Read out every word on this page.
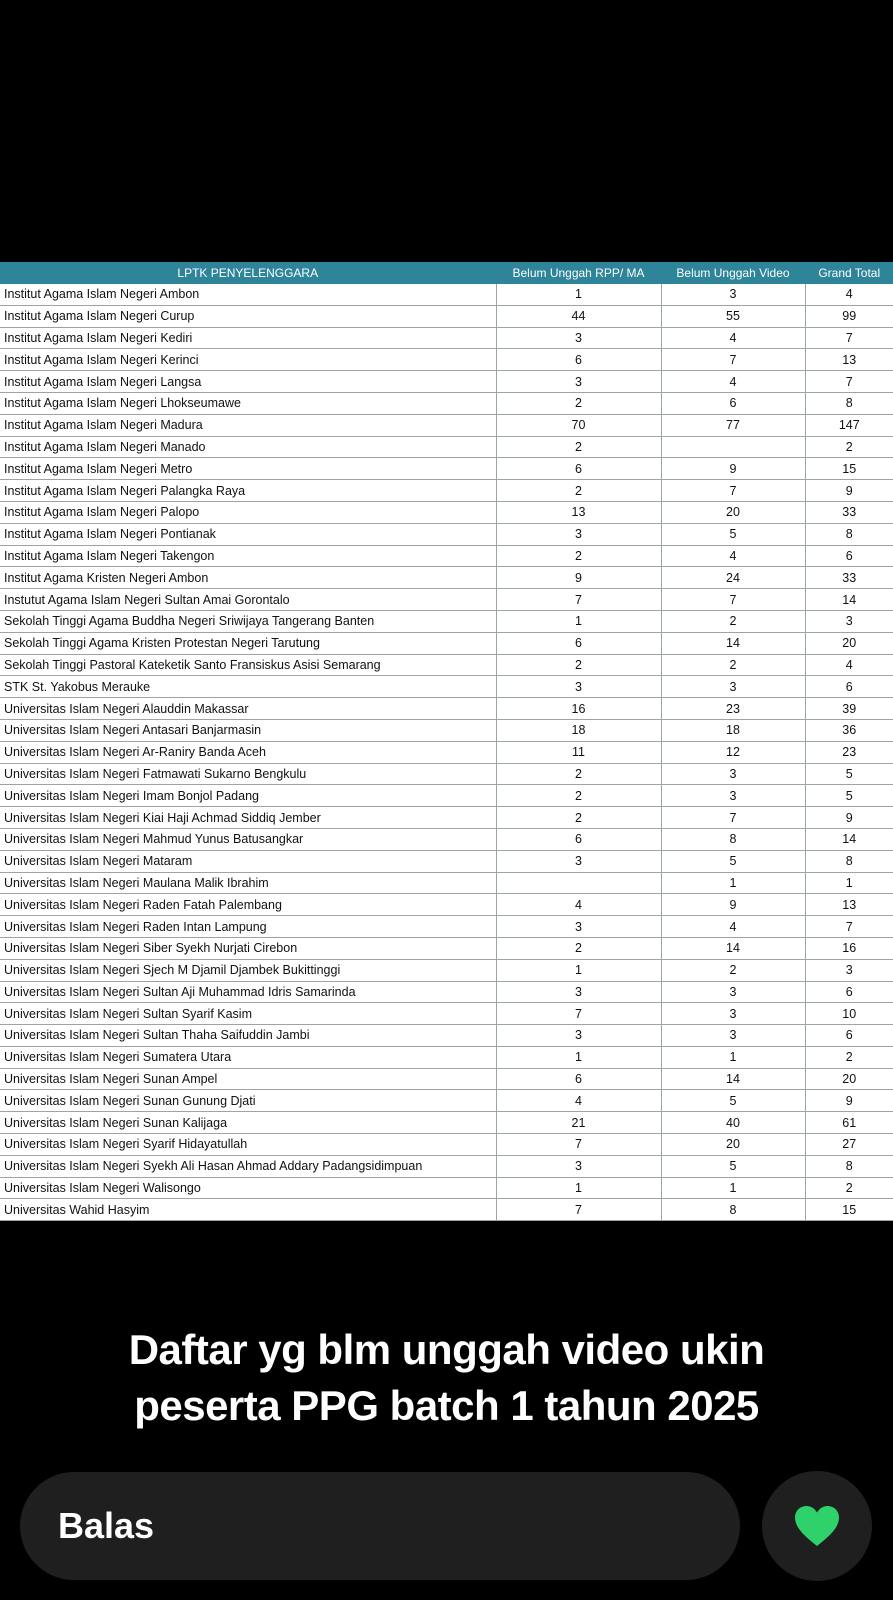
LPTK PENYELENGGARA	Belum Unggah RPP/ MA	Belum Unggah Video	Grand Total
Institut Agama Islam Negeri Ambon	1	3	4
Institut Agama Islam Negeri Curup	44	55	99
Institut Agama Islam Negeri Kediri	3	4	7
Institut Agama Islam Negeri Kerinci	6	7	13
Institut Agama Islam Negeri Langsa	3	4	7
Institut Agama Islam Negeri Lhokseumawe	2	6	8
Institut Agama Islam Negeri Madura	70	77	147
Institut Agama Islam Negeri Manado	2		2
Institut Agama Islam Negeri Metro	6	9	15
Institut Agama Islam Negeri Palangka Raya	2	7	9
Institut Agama Islam Negeri Palopo	13	20	33
Institut Agama Islam Negeri Pontianak	3	5	8
Institut Agama Islam Negeri Takengon	2	4	6
Institut Agama Kristen Negeri Ambon	9	24	33
Instutut Agama Islam Negeri Sultan Amai Gorontalo	7	7	14
Sekolah Tinggi Agama Buddha Negeri Sriwijaya Tangerang Banten	1	2	3
Sekolah Tinggi Agama Kristen Protestan Negeri Tarutung	6	14	20
Sekolah Tinggi Pastoral Kateketik Santo Fransiskus Asisi Semarang	2	2	4
STK St. Yakobus Merauke	3	3	6
Universitas Islam Negeri Alauddin Makassar	16	23	39
Universitas Islam Negeri Antasari Banjarmasin	18	18	36
Universitas Islam Negeri Ar-Raniry Banda Aceh	11	12	23
Universitas Islam Negeri Fatmawati Sukarno Bengkulu	2	3	5
Universitas Islam Negeri Imam Bonjol Padang	2	3	5
Universitas Islam Negeri Kiai Haji Achmad Siddiq Jember	2	7	9
Universitas Islam Negeri Mahmud Yunus Batusangkar	6	8	14
Universitas Islam Negeri Mataram	3	5	8
Universitas Islam Negeri Maulana Malik Ibrahim		1	1
Universitas Islam Negeri Raden Fatah Palembang	4	9	13
Universitas Islam Negeri Raden Intan Lampung	3	4	7
Universitas Islam Negeri Siber Syekh Nurjati Cirebon	2	14	16
Universitas Islam Negeri Sjech M Djamil Djambek Bukittinggi	1	2	3
Universitas Islam Negeri Sultan Aji Muhammad Idris Samarinda	3	3	6
Universitas Islam Negeri Sultan Syarif Kasim	7	3	10
Universitas Islam Negeri Sultan Thaha Saifuddin Jambi	3	3	6
Universitas Islam Negeri Sumatera Utara	1	1	2
Universitas Islam Negeri Sunan Ampel	6	14	20
Universitas Islam Negeri Sunan Gunung Djati	4	5	9
Universitas Islam Negeri Sunan Kalijaga	21	40	61
Universitas Islam Negeri Syarif Hidayatullah	7	20	27
Universitas Islam Negeri Syekh Ali Hasan Ahmad Addary Padangsidimpuan	3	5	8
Universitas Islam Negeri Walisongo	1	1	2
Universitas Wahid Hasyim	7	8	15
Daftar yg blm unggah video ukin
peserta PPG batch 1 tahun 2025
Balas
